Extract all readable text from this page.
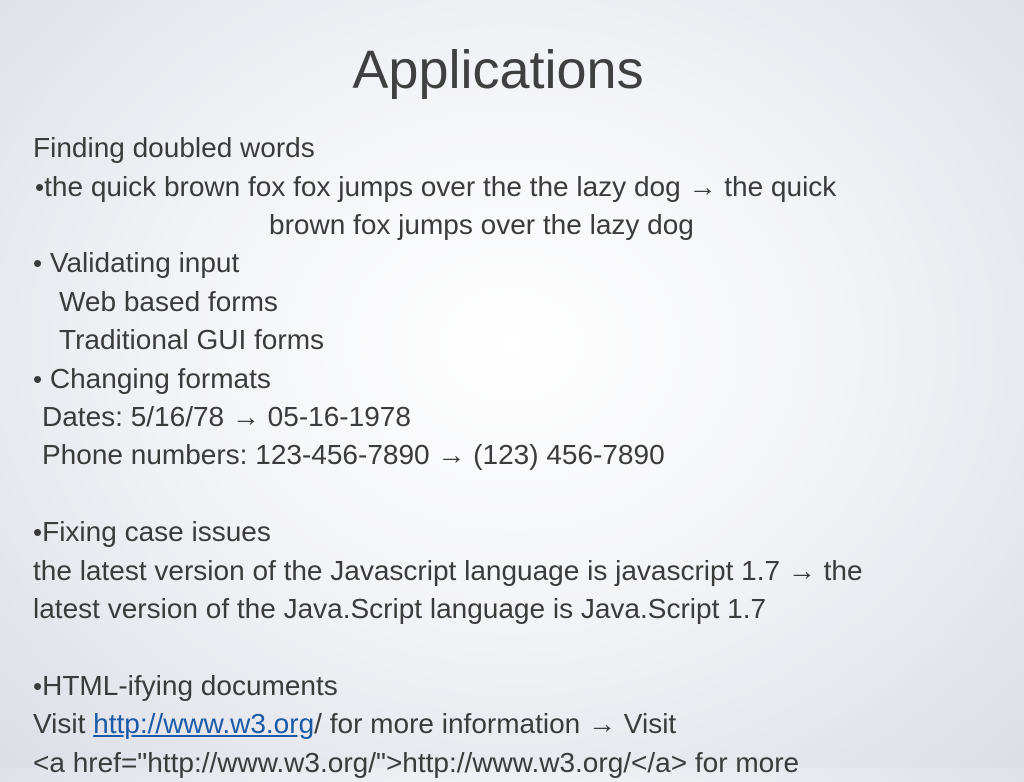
Applications
Finding doubled words
•the quick brown fox fox jumps over the the lazy dog → the quick
brown fox jumps over the lazy dog
• Validating input
Web based forms
Traditional GUI forms
• Changing formats
Dates: 5/16/78 → 05-16-1978
Phone numbers: 123-456-7890 → (123) 456-7890
•Fixing case issues
the latest version of the Javascript language is javascript 1.7 → the
latest version of the Java.Script language is Java.Script 1.7
•HTML-ifying documents
Visit http://www.w3.org/ for more information → Visit
<a href="http://www.w3.org/">http://www.w3.org/</a> for more
